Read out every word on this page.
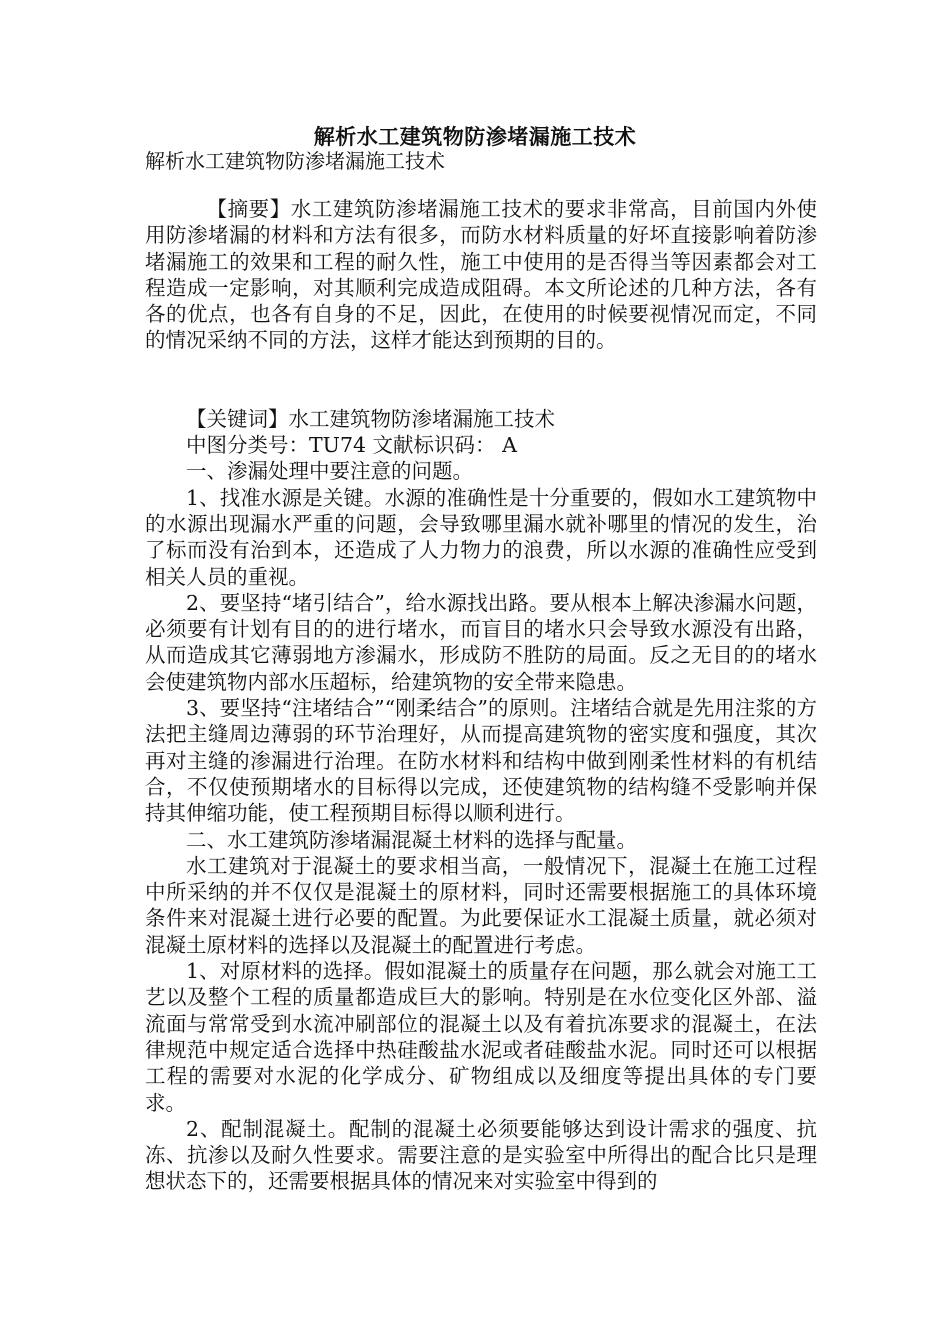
解析水工建筑物防渗堵漏施工技术
解析水工建筑物防渗堵漏施工技术

【摘要】水工建筑防渗堵漏施工技术的要求非常高，目前国内外使用防渗堵漏的材料和方法有很多，而防水材料质量的好坏直接影响着防渗堵漏施工的效果和工程的耐久性，施工中使用的是否得当等因素都会对工程造成一定影响，对其顺利完成造成阻碍。本文所论述的几种方法，各有各的优点，也各有自身的不足，因此，在使用的时候要视情况而定，不同的情况采纳不同的方法，这样才能达到预期的目的。

【关键词】水工建筑物防渗堵漏施工技术

中图分类号：TU74 文献标识码： A

一、渗漏处理中要注意的问题。

1、找准水源是关键。水源的准确性是十分重要的，假如水工建筑物中的水源出现漏水严重的问题，会导致哪里漏水就补哪里的情况的发生，治了标而没有治到本，还造成了人力物力的浪费，所以水源的准确性应受到相关人员的重视。

2、要坚持“堵引结合”，给水源找出路。要从根本上解决渗漏水问题，必须要有计划有目的的进行堵水，而盲目的堵水只会导致水源没有出路，从而造成其它薄弱地方渗漏水，形成防不胜防的局面。反之无目的的堵水会使建筑物内部水压超标，给建筑物的安全带来隐患。

3、要坚持“注堵结合”“刚柔结合”的原则。注堵结合就是先用注浆的方法把主缝周边薄弱的环节治理好，从而提高建筑物的密实度和强度，其次再对主缝的渗漏进行治理。在防水材料和结构中做到刚柔性材料的有机结合，不仅使预期堵水的目标得以完成，还使建筑物的结构缝不受影响并保持其伸缩功能，使工程预期目标得以顺利进行。

二、水工建筑防渗堵漏混凝土材料的选择与配量。

水工建筑对于混凝土的要求相当高，一般情况下，混凝土在施工过程中所采纳的并不仅仅是混凝土的原材料，同时还需要根据施工的具体环境条件来对混凝土进行必要的配置。为此要保证水工混凝土质量，就必须对混凝土原材料的选择以及混凝土的配置进行考虑。

1、对原材料的选择。假如混凝土的质量存在问题，那么就会对施工工艺以及整个工程的质量都造成巨大的影响。特别是在水位变化区外部、溢流面与常常受到水流冲刷部位的混凝土以及有着抗冻要求的混凝土，在法律规范中规定适合选择中热硅酸盐水泥或者硅酸盐水泥。同时还可以根据工程的需要对水泥的化学成分、矿物组成以及细度等提出具体的专门要求。

2、配制混凝土。配制的混凝土必须要能够达到设计需求的强度、抗冻、抗渗以及耐久性要求。需要注意的是实验室中所得出的配合比只是理想状态下的，还需要根据具体的情况来对实验室中得到的
